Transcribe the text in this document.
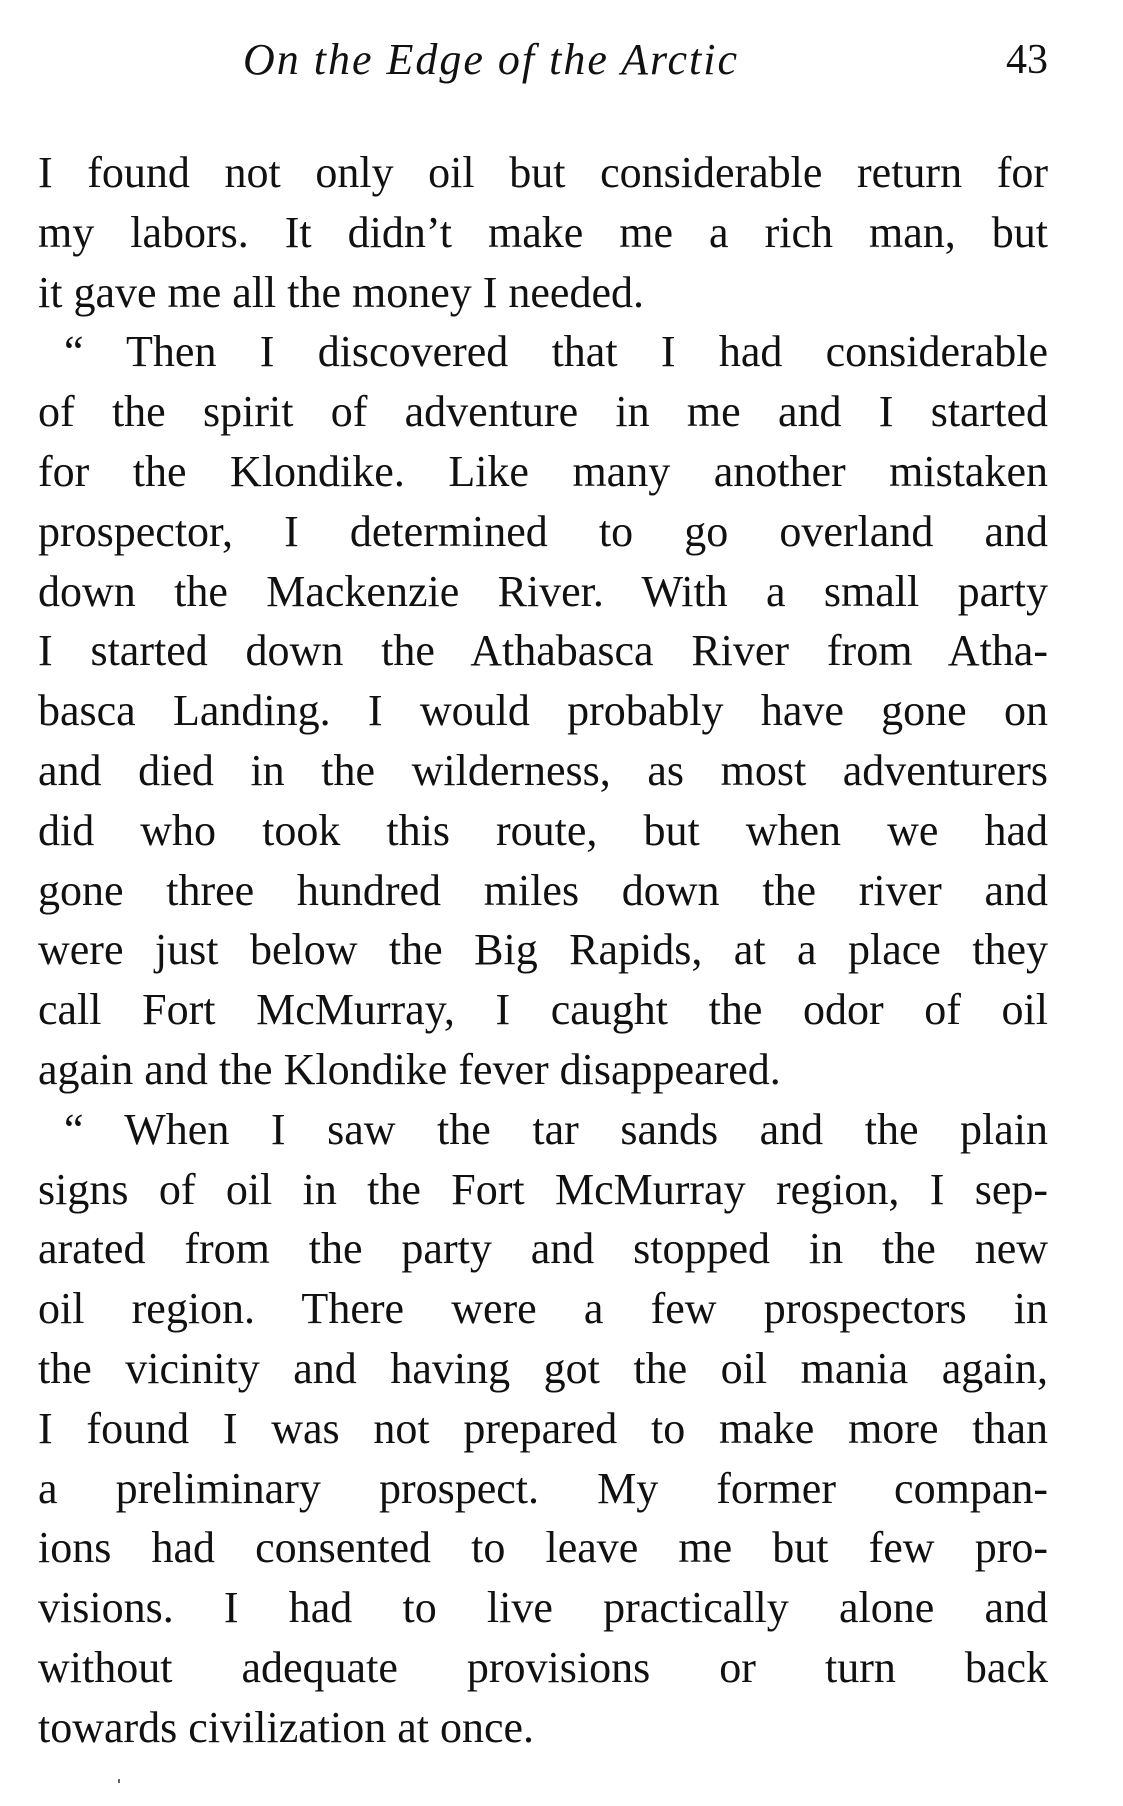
On the Edge of the Arctic	43
I found not only oil but considerable return for
my labors. It didn’t make me a rich man, but
it gave me all the money I needed.
“ Then I discovered that I had considerable
of the spirit of adventure in me and I started
for the Klondike. Like many another mistaken
prospector, I determined to go overland and
down the Mackenzie River. With a small party
I started down the Athabasca River from Atha-
basca Landing. I would probably have gone on
and died in the wilderness, as most adventurers
did who took this route, but when we had
gone three hundred miles down the river and
were just below the Big Rapids, at a place they
call Fort McMurray, I caught the odor of oil
again and the Klondike fever disappeared.
“ When I saw the tar sands and the plain
signs of oil in the Fort McMurray region, I sep-
arated from the party and stopped in the new
oil region. There were a few prospectors in
the vicinity and having got the oil mania again,
I found I was not prepared to make more than
a preliminary prospect. My former compan-
ions had consented to leave me but few pro-
visions. I had to live practically alone and
without adequate provisions or turn back
towards civilization at once.
